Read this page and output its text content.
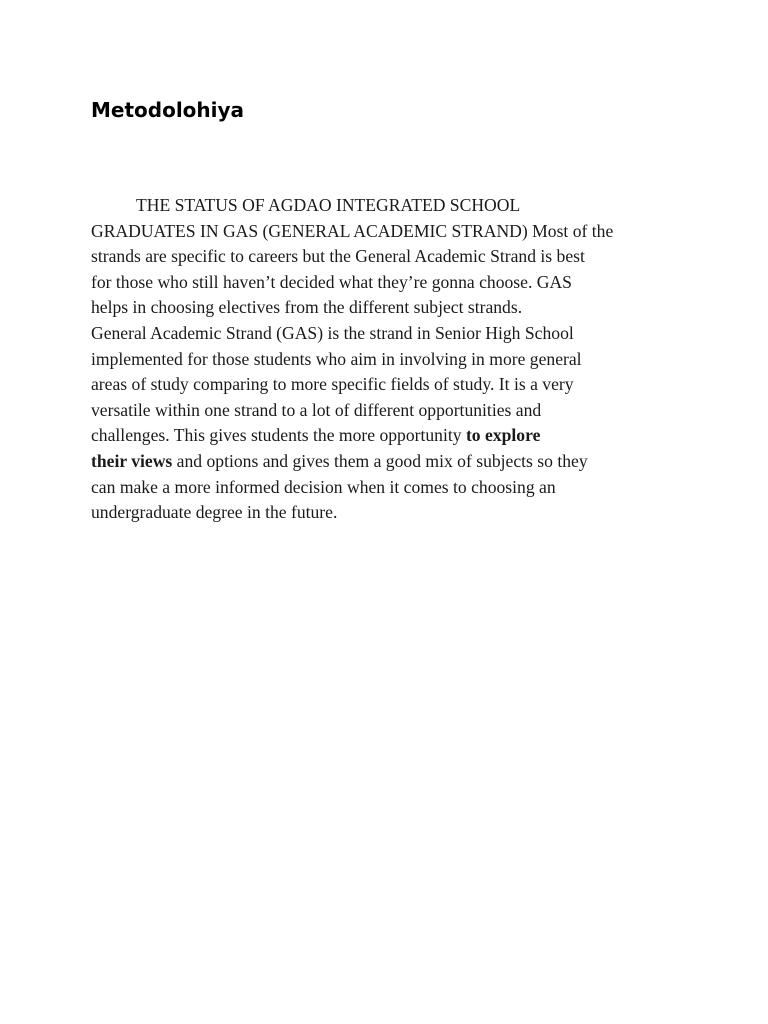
Metodolohiya
THE STATUS OF AGDAO INTEGRATED SCHOOL
GRADUATES IN GAS (GENERAL ACADEMIC STRAND) Most of the
strands are specific to careers but the General Academic Strand is best
for those who still haven’t decided what they’re gonna choose. GAS
helps in choosing electives from the different subject strands.
General Academic Strand (GAS) is the strand in Senior High School
implemented for those students who aim in involving in more general
areas of study comparing to more specific fields of study. It is a very
versatile within one strand to a lot of different opportunities and
challenges. This gives students the more opportunity to explore
their views and options and gives them a good mix of subjects so they
can make a more informed decision when it comes to choosing an
undergraduate degree in the future.
